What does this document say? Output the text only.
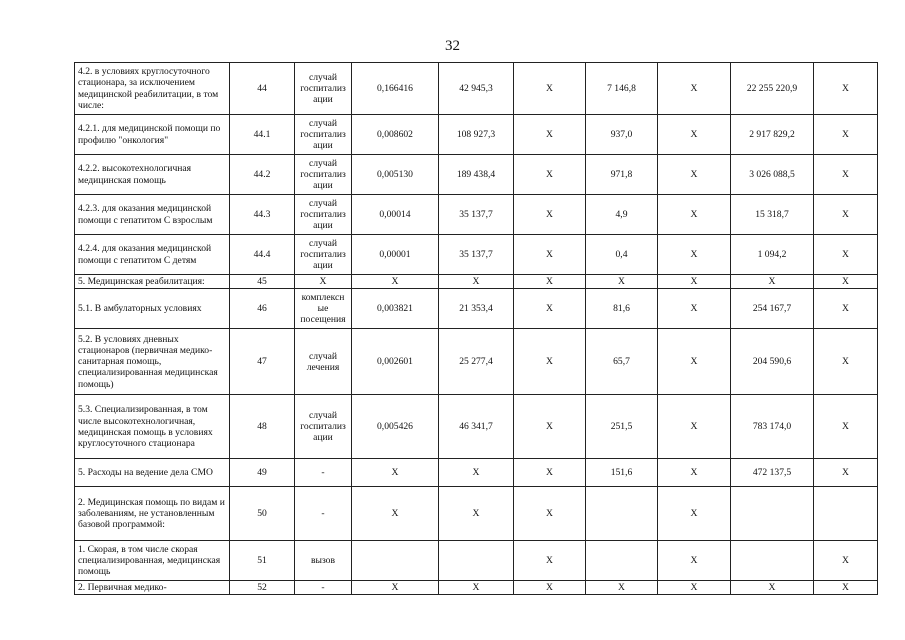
32
4.2. в условиях круглосуточного стационара, за исключением медицинской реабилитации, в том числе:	44	случай госпитализ ации	0,166416	42 945,3	X	7 146,8	X	22 255 220,9	X
4.2.1. для медицинской помощи по профилю "онкология"	44.1	случай госпитализ ации	0,008602	108 927,3	X	937,0	X	2 917 829,2	X
4.2.2. высокотехнологичная медицинская помощь	44.2	случай госпитализ ации	0,005130	189 438,4	X	971,8	X	3 026 088,5	X
4.2.3. для оказания медицинской помощи с гепатитом С взрослым	44.3	случай госпитализ ации	0,00014	35 137,7	X	4,9	X	15 318,7	X
4.2.4. для оказания медицинской помощи с гепатитом С детям	44.4	случай госпитализ ации	0,00001	35 137,7	X	0,4	X	1 094,2	X
5. Медицинская реабилитация:	45	X	X	X	X	X	X	X	X
5.1. В амбулаторных условиях	46	комплексн ые посещения	0,003821	21 353,4	X	81,6	X	254 167,7	X
5.2. В условиях дневных стационаров (первичная медико-санитарная помощь, специализированная медицинская помощь)	47	случай лечения	0,002601	25 277,4	X	65,7	X	204 590,6	X
5.3. Специализированная, в том числе высокотехнологичная, медицинская помощь в условиях круглосуточного стационара	48	случай госпитализ ации	0,005426	46 341,7	X	251,5	X	783 174,0	X
5. Расходы на ведение дела СМО	49	-	X	X	X	151,6	X	472 137,5	X
2. Медицинская помощь по видам и заболеваниям, не установленным базовой программой:	50	-	X	X	X		X		
1. Скорая, в том числе скорая специализированная, медицинская помощь	51	вызов			X		X		X
2. Первичная медико-	52	-	X	X	X	X	X	X	X
